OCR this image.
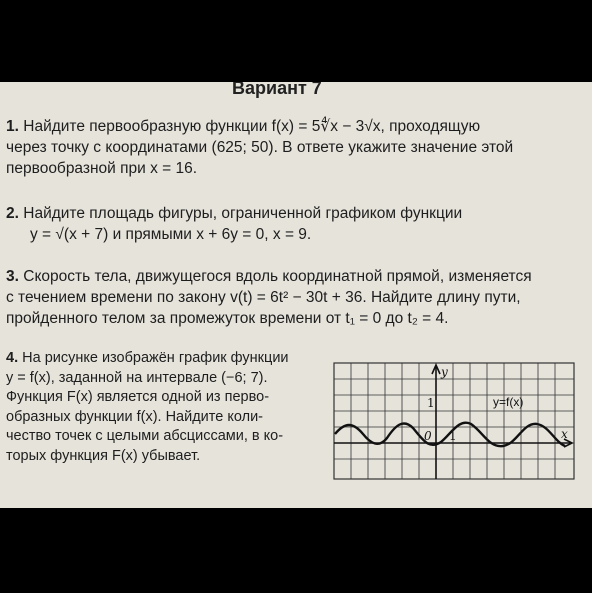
Вариант 7
1. Найдите первообразную функции f(x) = 5∜x − 3√x, проходящую
через точку с координатами (625; 50). В ответе укажите значение этой
первообразной при x = 16.
2. Найдите площадь фигуры, ограниченной графиком функции
y = √(x + 7) и прямыми x + 6y = 0, x = 9.
3. Скорость тела, движущегося вдоль координатной прямой, изменяется
с течением времени по закону v(t) = 6t² − 30t + 36. Найдите длину пути,
пройденного телом за промежуток времени от t₁ = 0 до t₂ = 4.
4. На рисунке изображён график функции
y = f(x), заданной на интервале (−6; 7).
Функция F(x) является одной из перво-
образных функции f(x). Найдите коли-
чество точек с целыми абсциссами, в ко-
торых функция F(x) убывает.
y
x
0
1
1
y=f(x)
